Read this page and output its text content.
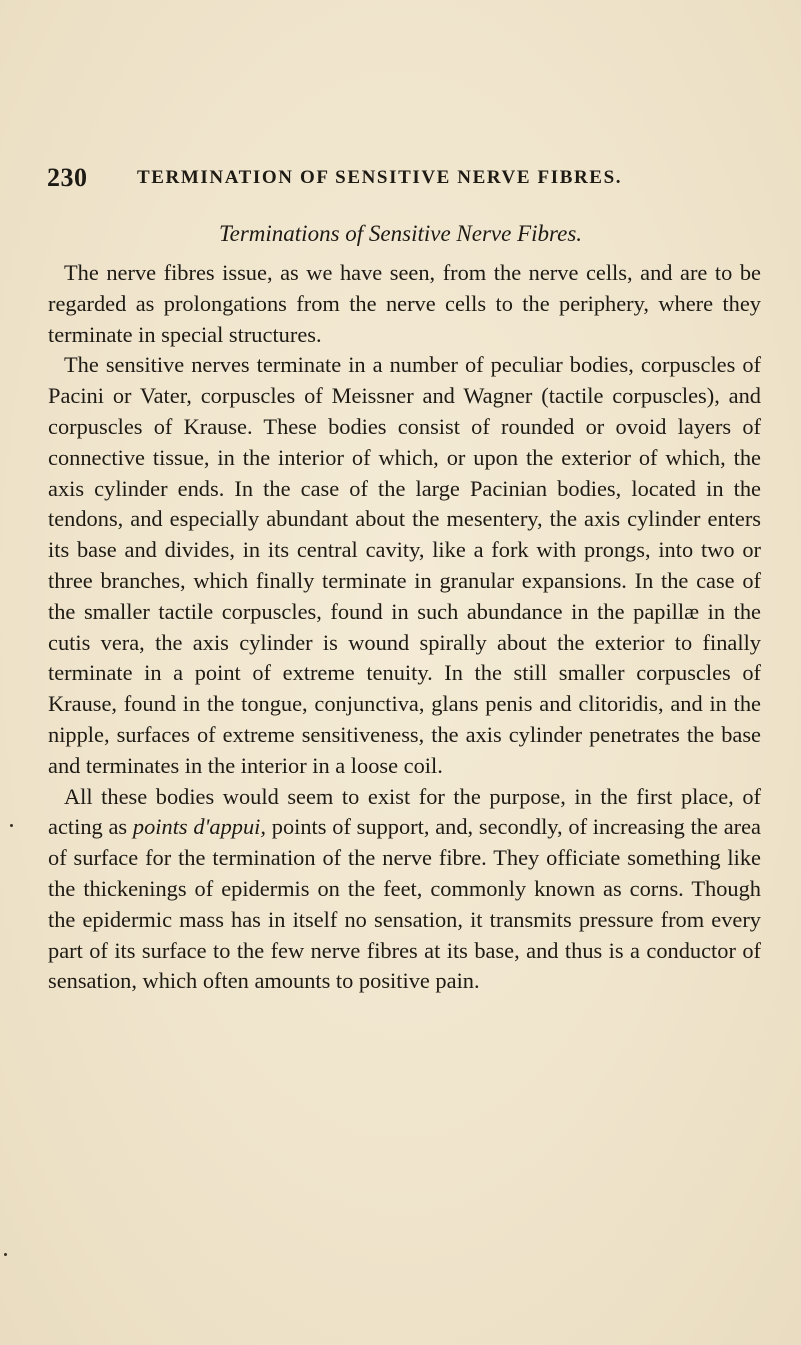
230	TERMINATION OF SENSITIVE NERVE FIBRES.
Terminations of Sensitive Nerve Fibres.

The nerve fibres issue, as we have seen, from the nerve cells, and are to be regarded as prolongations from the nerve cells to the periphery, where they terminate in special structures.

The sensitive nerves terminate in a number of peculiar bodies, corpuscles of Pacini or Vater, corpuscles of Meissner and Wagner (tactile corpuscles), and corpuscles of Krause. These bodies consist of rounded or ovoid layers of connective tissue, in the interior of which, or upon the exterior of which, the axis cylinder ends. In the case of the large Pacinian bodies, located in the tendons, and especially abundant about the mesentery, the axis cylinder enters its base and divides, in its central cavity, like a fork with prongs, into two or three branches, which finally terminate in granular expansions. In the case of the smaller tactile corpuscles, found in such abundance in the papillæ in the cutis vera, the axis cylinder is wound spirally about the exterior to finally terminate in a point of extreme tenuity. In the still smaller corpuscles of Krause, found in the tongue, conjunctiva, glans penis and clitoridis, and in the nipple, surfaces of extreme sensitiveness, the axis cylinder penetrates the base and terminates in the interior in a loose coil.

All these bodies would seem to exist for the purpose, in the first place, of acting as points d'appui, points of support, and, secondly, of increasing the area of surface for the termination of the nerve fibre. They officiate something like the thickenings of epidermis on the feet, commonly known as corns. Though the epidermic mass has in itself no sensation, it transmits pressure from every part of its surface to the few nerve fibres at its base, and thus is a conductor of sensation, which often amounts to positive pain.
